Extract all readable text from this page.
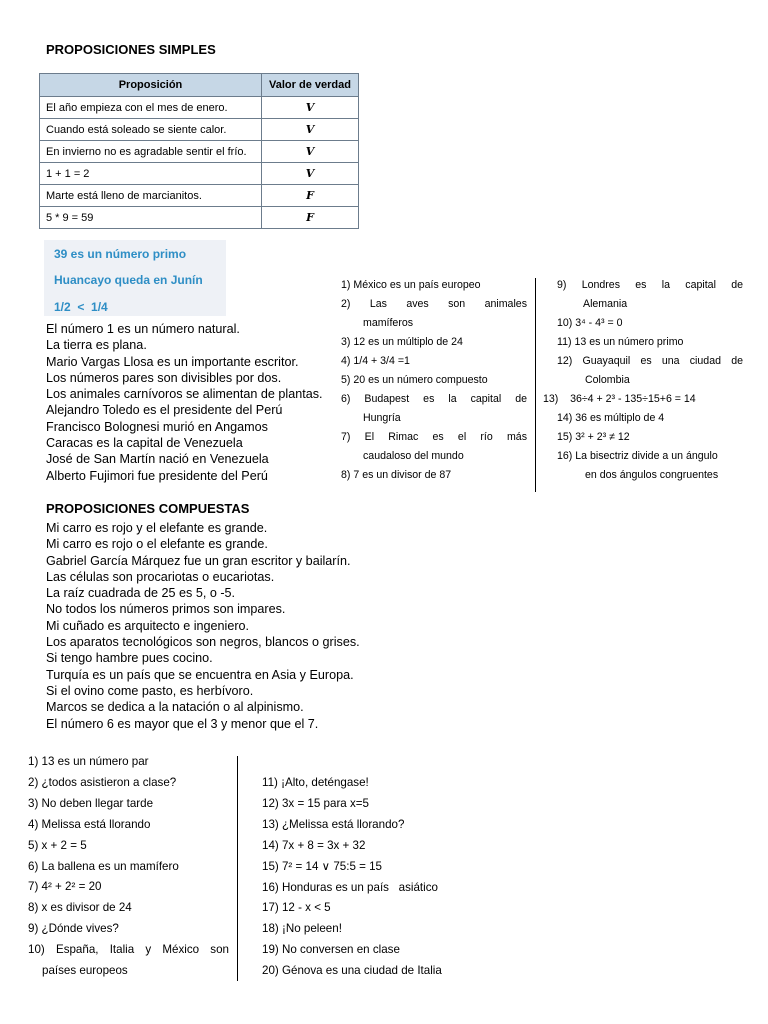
PROPOSICIONES SIMPLES
Proposición	Valor de verdad
El año empieza con el mes de enero.	V
Cuando está soleado se siente calor.	V
En invierno no es agradable sentir el frío.	V
1 + 1 = 2	V
Marte está lleno de marcianitos.	F
5 * 9 = 59	F
39 es un número primo
Huancayo queda en Junín
1/2  <  1/4
El número 1 es un número natural.
La tierra es plana.
Mario Vargas Llosa es un importante escritor.
Los números pares son divisibles por dos.
Los animales carnívoros se alimentan de plantas.
Alejandro Toledo es el presidente del Perú
Francisco Bolognesi murió en Angamos
Caracas es la capital de Venezuela
José de San Martín nació en Venezuela
Alberto Fujimori fue presidente del Perú
1) México es un país europeo
2) Las aves son animales
mamíferos
3) 12 es un múltiplo de 24
4) 1/4 + 3/4 =1
5) 20 es un número compuesto
6) Budapest es la capital de
Hungría
7) El Rimac es el río más
caudaloso del mundo
8) 7 es un divisor de 87
9) Londres es la capital de
Alemania
10) 3⁴ - 4³ = 0
11) 13 es un número primo
12) Guayaquil es una ciudad de
Colombia
13)    36÷4 + 2³ - 135÷15+6 = 14
14) 36 es múltiplo de 4
15) 3² + 2³ ≠ 12
16) La bisectriz divide a un ángulo
en dos ángulos congruentes
PROPOSICIONES COMPUESTAS
Mi carro es rojo y el elefante es grande.
Mi carro es rojo o el elefante es grande.
Gabriel García Márquez fue un gran escritor y bailarín.
Las células son procariotas o eucariotas.
La raíz cuadrada de 25 es 5, o -5.
No todos los números primos son impares.
Mi cuñado es arquitecto e ingeniero.
Los aparatos tecnológicos son negros, blancos o grises.
Si tengo hambre pues cocino.
Turquía es un país que se encuentra en Asia y Europa.
Si el ovino come pasto, es herbívoro.
Marcos se dedica a la natación o al alpinismo.
El número 6 es mayor que el 3 y menor que el 7.
1) 13 es un número par
2) ¿todos asistieron a clase?
3) No deben llegar tarde
4) Melissa está llorando
5) x + 2 = 5
6) La ballena es un mamífero
7) 4² + 2² = 20
8) x es divisor de 24
9) ¿Dónde vives?
10) España, Italia y México son
países europeos
11) ¡Alto, deténgase!
12) 3x = 15 para x=5
13) ¿Melissa está llorando?
14) 7x + 8 = 3x + 32
15) 7² = 14 ∨ 75:5 = 15
16) Honduras es un país   asiático
17) 12 - x < 5
18) ¡No peleen!
19) No conversen en clase
20) Génova es una ciudad de Italia
